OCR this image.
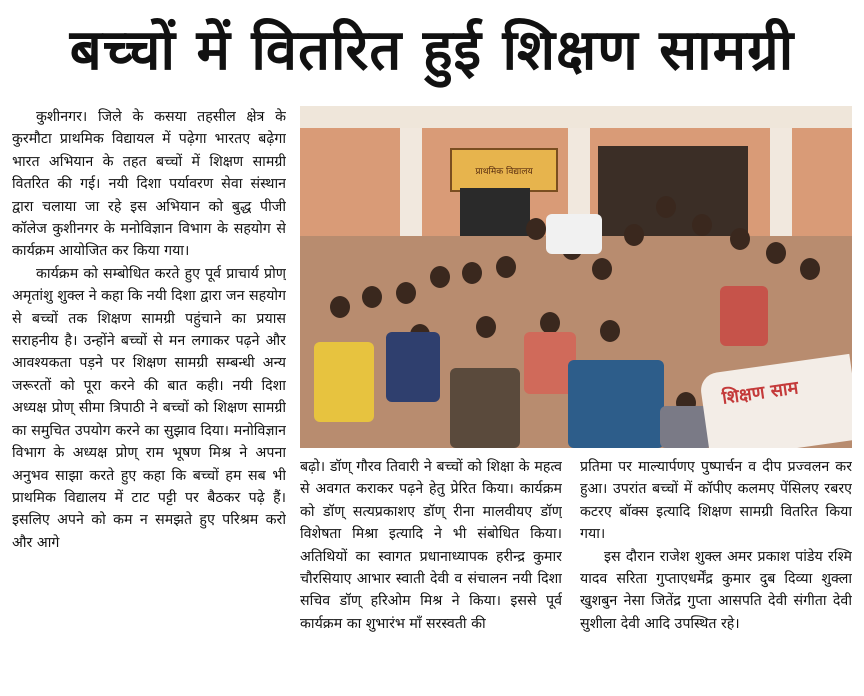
बच्चों में वितरित हुई शिक्षण सामग्री

कुशीनगर। जिले के कसया तहसील क्षेत्र के कुरमौटा प्राथमिक विद्यायल में पढ़ेगा भारतए बढ़ेगा भारत अभियान के तहत बच्चों में शिक्षण सामग्री वितरित की गई। नयी दिशा पर्यावरण सेवा संस्थान द्वारा चलाया जा रहे इस अभियान को बुद्ध पीजी कॉलेज कुशीनगर के मनोविज्ञान विभाग के सहयोग से कार्यक्रम आयोजित कर किया गया।

कार्यक्रम को सम्बोधित करते हुए पूर्व प्राचार्य प्रोण् अमृतांशु शुक्ल ने कहा कि नयी दिशा द्वारा जन सहयोग से बच्चों तक शिक्षण सामग्री पहुंचाने का प्रयास सराहनीय है। उन्होंने बच्चों से मन लगाकर पढ़ने और आवश्यकता पड़ने पर शिक्षण सामग्री सम्बन्धी अन्य जरूरतों को पूरा करने की बात कही। नयी दिशा अध्यक्ष प्रोण् सीमा त्रिपाठी ने बच्चों को शिक्षण सामग्री का समुचित उपयोग करने का सुझाव दिया। मनोविज्ञान विभाग के अध्यक्ष प्रोण् राम भूषण मिश्र ने अपना अनुभव साझा करते हुए कहा कि बच्चों हम सब भी प्राथमिक विद्यालय में टाट पट्टी पर बैठकर पढ़े हैं। इसलिए अपने को कम न समझते हुए परिश्रम करो और आगे

प्राथमिक विद्यालय
शिक्षण साम

बढ़ो। डॉण् गौरव तिवारी ने बच्चों को शिक्षा के महत्व से अवगत कराकर पढ़ने हेतु प्रेरित किया। कार्यक्रम को डॉण् सत्यप्रकाशए डॉण् रीना मालवीयए डॉण् विशेषता मिश्रा इत्यादि ने भी संबोधित किया। अतिथियों का स्वागत प्रधानाध्यापक हरीन्द्र कुमार चौरसियाए आभार स्वाती देवी व संचालन नयी दिशा सचिव डॉण् हरिओम मिश्र ने किया। इससे पूर्व कार्यक्रम का शुभारंभ माँ सरस्वती की

प्रतिमा पर माल्यार्पणए पुष्पार्चन व दीप प्रज्वलन कर हुआ। उपरांत बच्चों में कॉपीए कलमए पेंसिलए रबरए कटरए बॉक्स इत्यादि शिक्षण सामग्री वितरित किया गया।

इस दौरान राजेश शुक्ल अमर प्रकाश पांडेय रश्मि यादव सरिता गुप्ताएधर्मेंद्र कुमार दुब दिव्या शुक्ला खुशबुन नेसा जितेंद्र गुप्ता आसपति देवी संगीता देवी सुशीला देवी आदि उपस्थित रहे।
